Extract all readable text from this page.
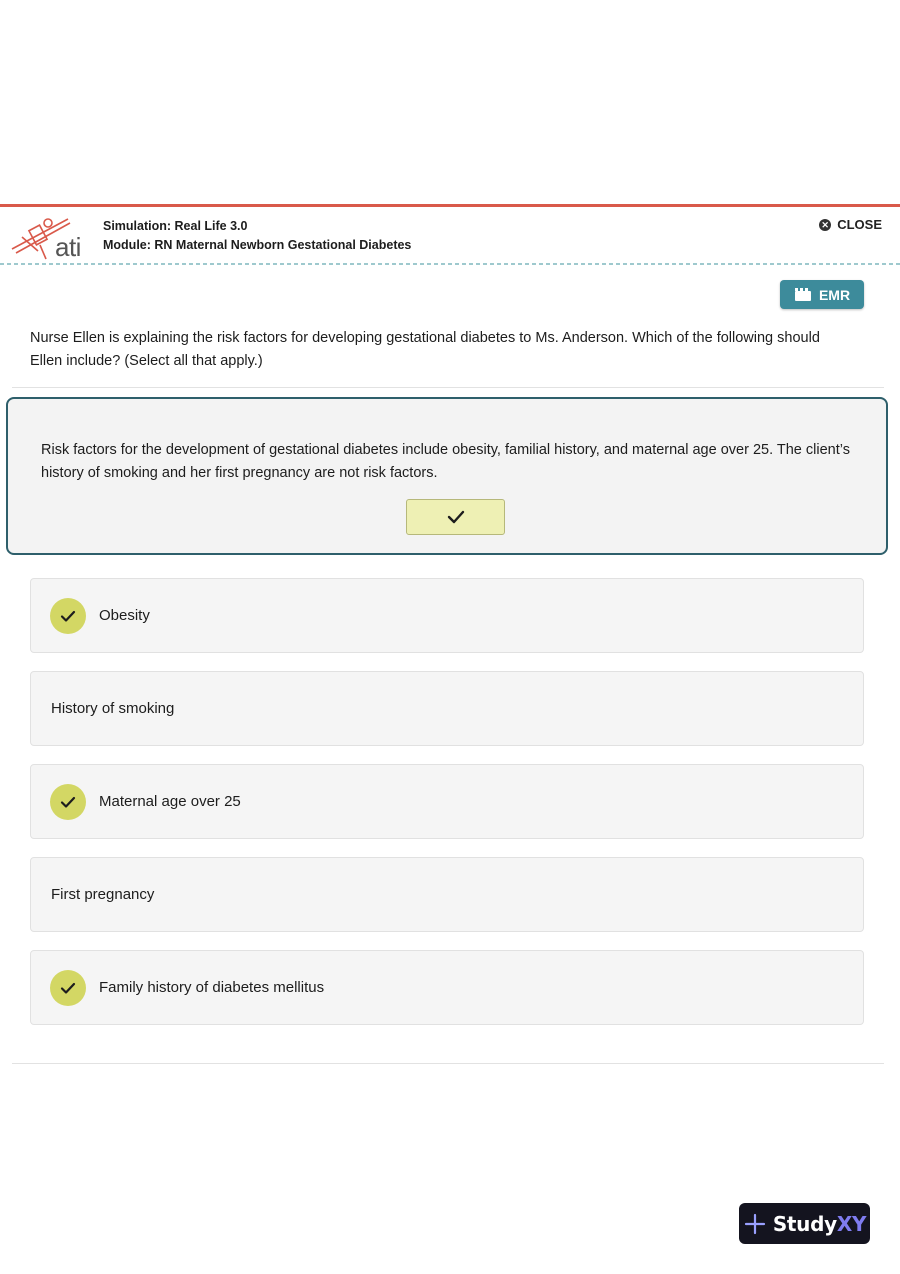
ati
Simulation: Real Life 3.0
Module: RN Maternal Newborn Gestational Diabetes
✕ CLOSE
EMR
Nurse Ellen is explaining the risk factors for developing gestational diabetes to Ms. Anderson. Which of the following should Ellen include? (Select all that apply.)
Risk factors for the development of gestational diabetes include obesity, familial history, and maternal age over 25. The client’s history of smoking and her first pregnancy are not risk factors.
Obesity
History of smoking
Maternal age over 25
First pregnancy
Family history of diabetes mellitus
StudyXY
